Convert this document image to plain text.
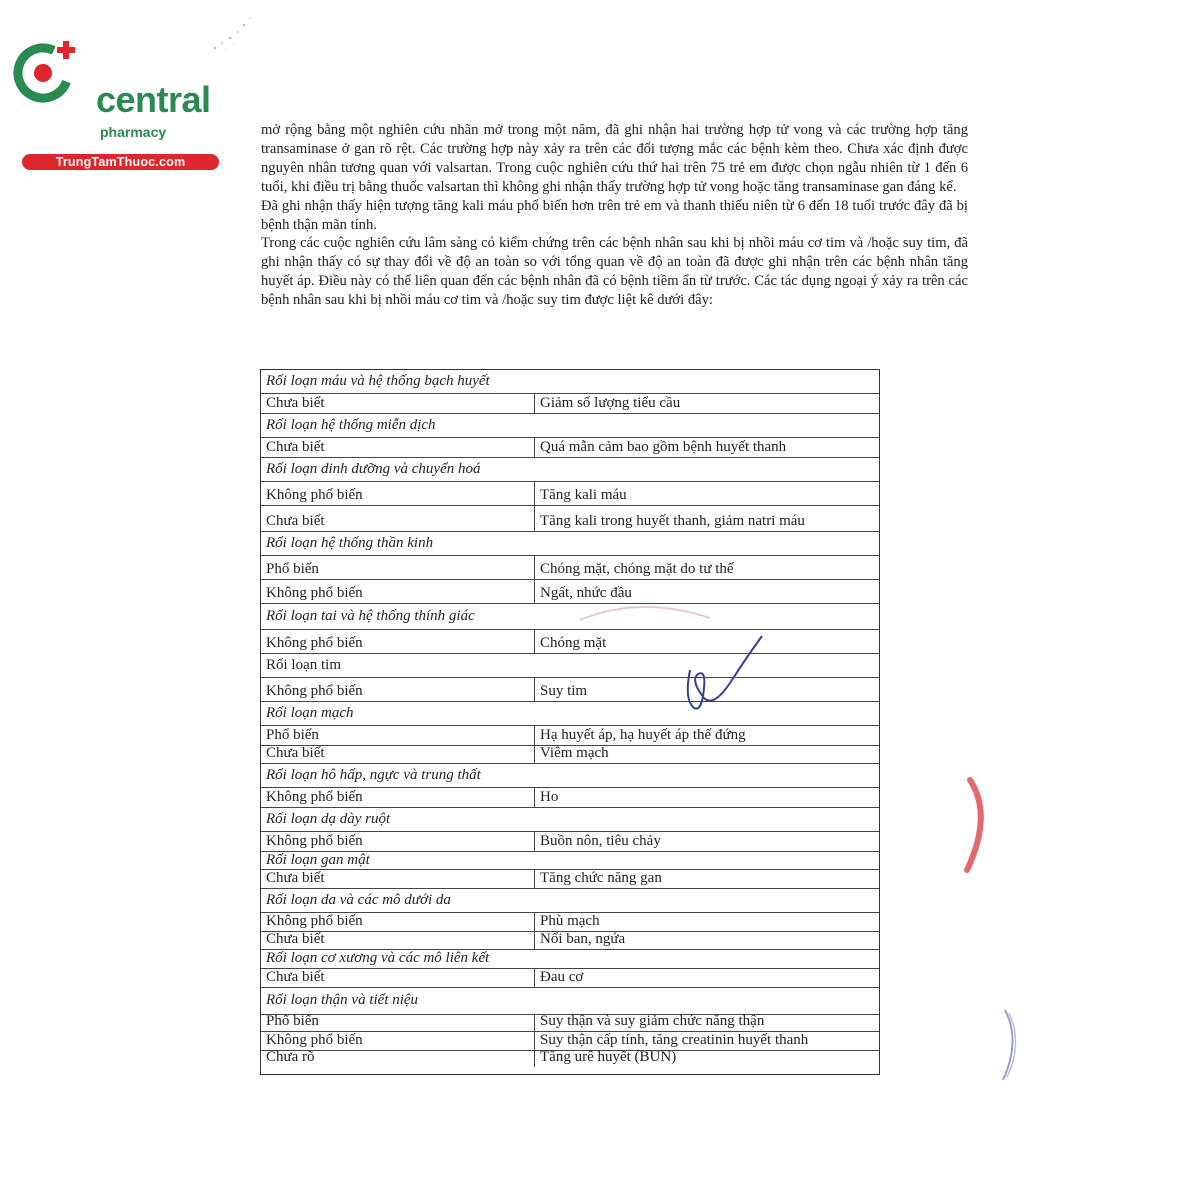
central
pharmacy
TrungTamThuoc.com

mở rộng bằng một nghiên cứu nhãn mở trong một năm, đã ghi nhận hai trường hợp tử vong và các trường hợp tăng transaminase ở gan rõ rệt. Các trường hợp này xảy ra trên các đối tượng mắc các bệnh kèm theo. Chưa xác định được nguyên nhân tương quan với valsartan. Trong cuộc nghiên cứu thứ hai trên 75 trẻ em được chọn ngẫu nhiên từ 1 đến 6 tuổi, khi điều trị bằng thuốc valsartan thì không ghi nhận thấy trường hợp tử vong hoặc tăng transaminase gan đáng kể.

Đã ghi nhận thấy hiện tượng tăng kali máu phổ biến hơn trên trẻ em và thanh thiếu niên từ 6 đến 18 tuổi trước đây đã bị bệnh thận mãn tính.

Trong các cuộc nghiên cứu lâm sàng có kiểm chứng trên các bệnh nhân sau khi bị nhồi máu cơ tim và /hoặc suy tim, đã ghi nhận thấy có sự thay đổi về độ an toàn so với tổng quan về độ an toàn đã được ghi nhận trên các bệnh nhân tăng huyết áp. Điều này có thể liên quan đến các bệnh nhân đã có bệnh tiềm ẩn từ trước. Các tác dụng ngoại ý xảy ra trên các bệnh nhân sau khi bị nhồi máu cơ tim và /hoặc suy tim được liệt kê dưới đây:

Rối loạn máu và hệ thống bạch huyết
Chưa biết	Giảm số lượng tiểu cầu
Rối loạn hệ thống miễn dịch
Chưa biết	Quá mẫn cảm bao gồm bệnh huyết thanh
Rối loạn dinh dưỡng và chuyển hoá
Không phổ biến	Tăng kali máu
Chưa biết	Tăng kali trong huyết thanh, giảm natri máu
Rối loạn hệ thống thần kinh
Phổ biến	Chóng mặt, chóng mặt do tư thế
Không phổ biến	Ngất, nhức đầu
Rối loạn tai và hệ thống thính giác
Không phổ biến	Chóng mặt
Rối loạn tim
Không phổ biến	Suy tim
Rối loạn mạch
Phổ biến	Hạ huyết áp, hạ huyết áp thế đứng
Chưa biết	Viêm mạch
Rối loạn hô hấp, ngực và trung thất
Không phổ biến	Ho
Rối loạn dạ dày ruột
Không phổ biến	Buồn nôn, tiêu chảy
Rối loạn gan mật
Chưa biết	Tăng chức năng gan
Rối loạn da và các mô dưới da
Không phổ biến	Phù mạch
Chưa biết	Nổi ban, ngứa
Rối loạn cơ xương và các mô liên kết
Chưa biết	Đau cơ
Rối loạn thận và tiết niệu
Phổ biến	Suy thận và suy giảm chức năng thận
Không phổ biến	Suy thận cấp tính, tăng creatinin huyết thanh
Chưa rõ	Tăng urê huyết (BUN)
